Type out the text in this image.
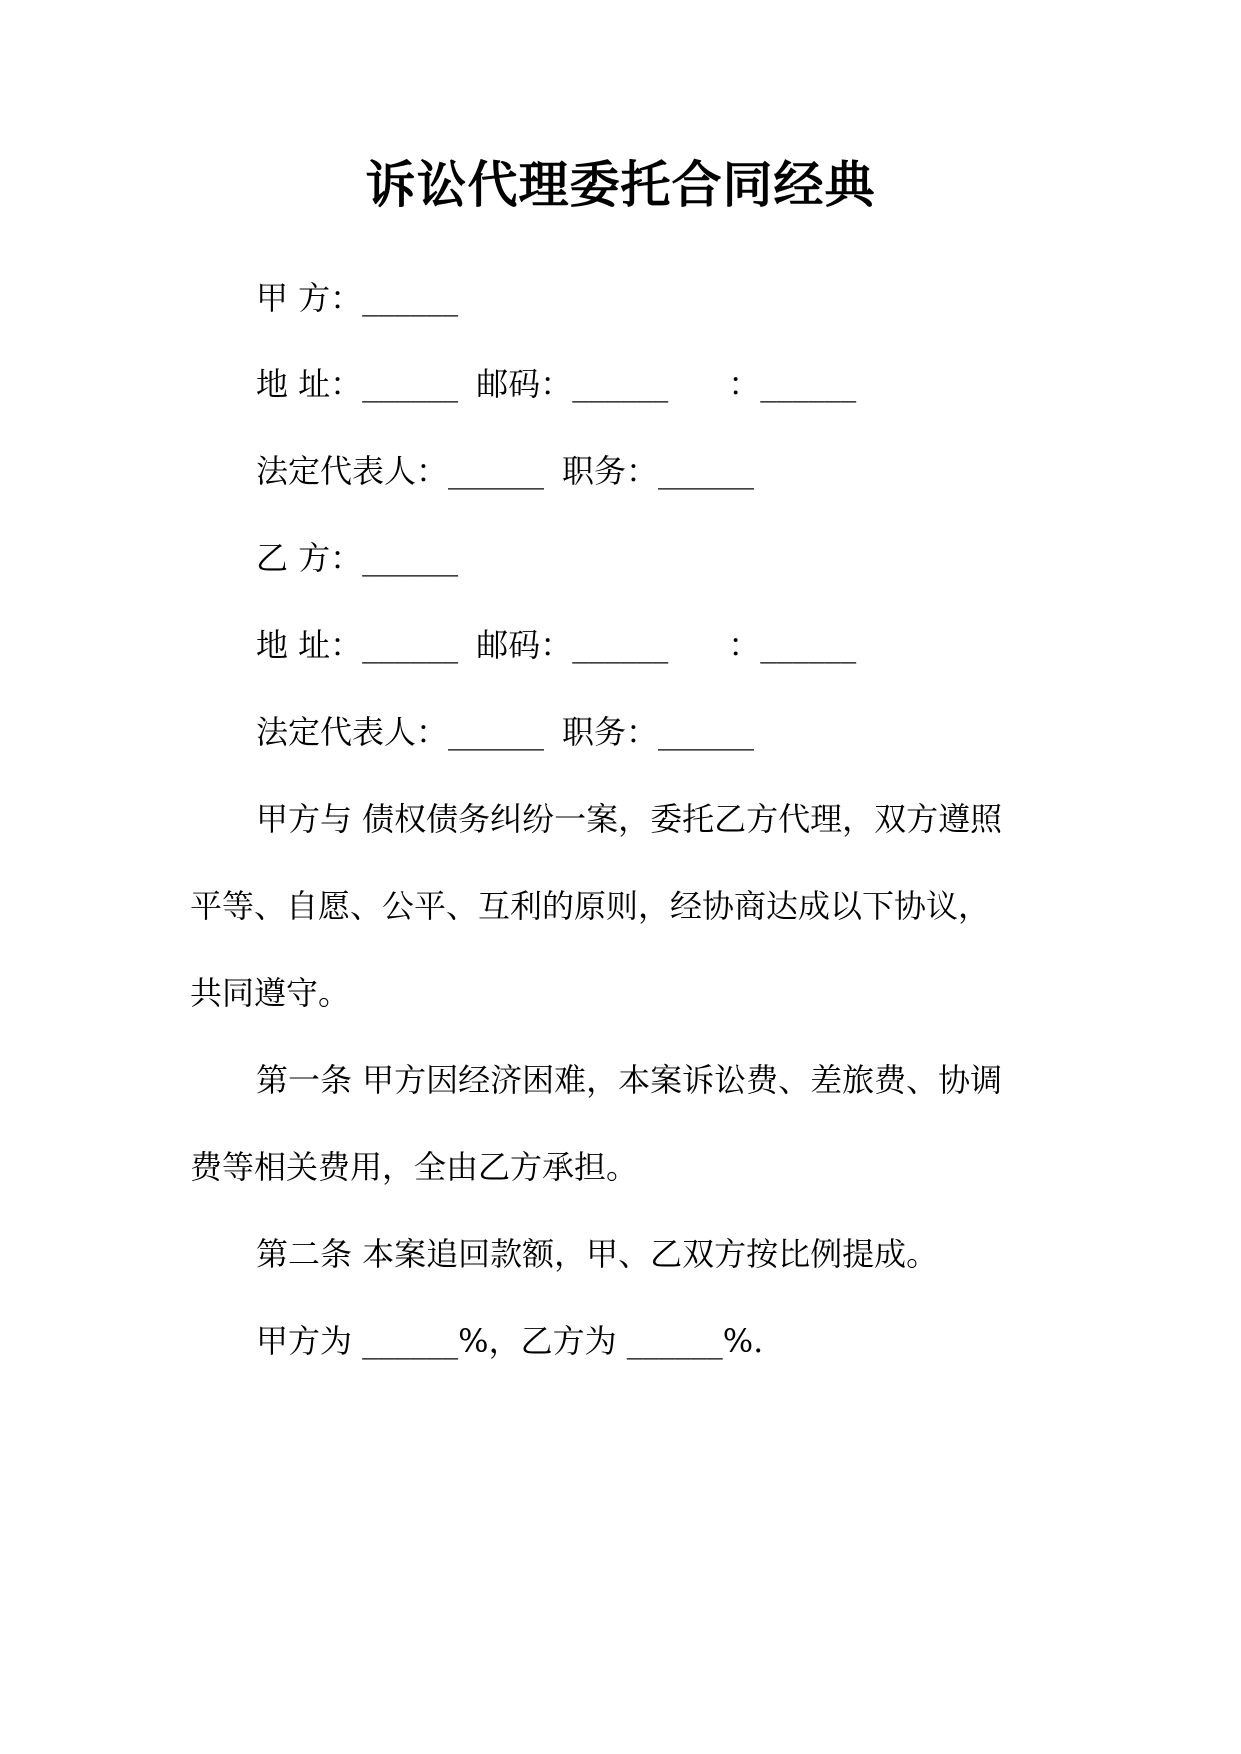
诉讼代理委托合同经典
甲 方：______
地 址：______ 邮码：______ ：______
法定代表人：______ 职务：______
乙 方：______
地 址：______ 邮码：______ ：______
法定代表人：______ 职务：______
甲方与 债权债务纠纷一案，委托乙方代理，双方遵照
平等、自愿、公平、互利的原则，经协商达成以下协议，
共同遵守。
第一条 甲方因经济困难，本案诉讼费、差旅费、协调
费等相关费用，全由乙方承担。
第二条 本案追回款额，甲、乙双方按比例提成。
甲方为 ______%，乙方为 ______%.
